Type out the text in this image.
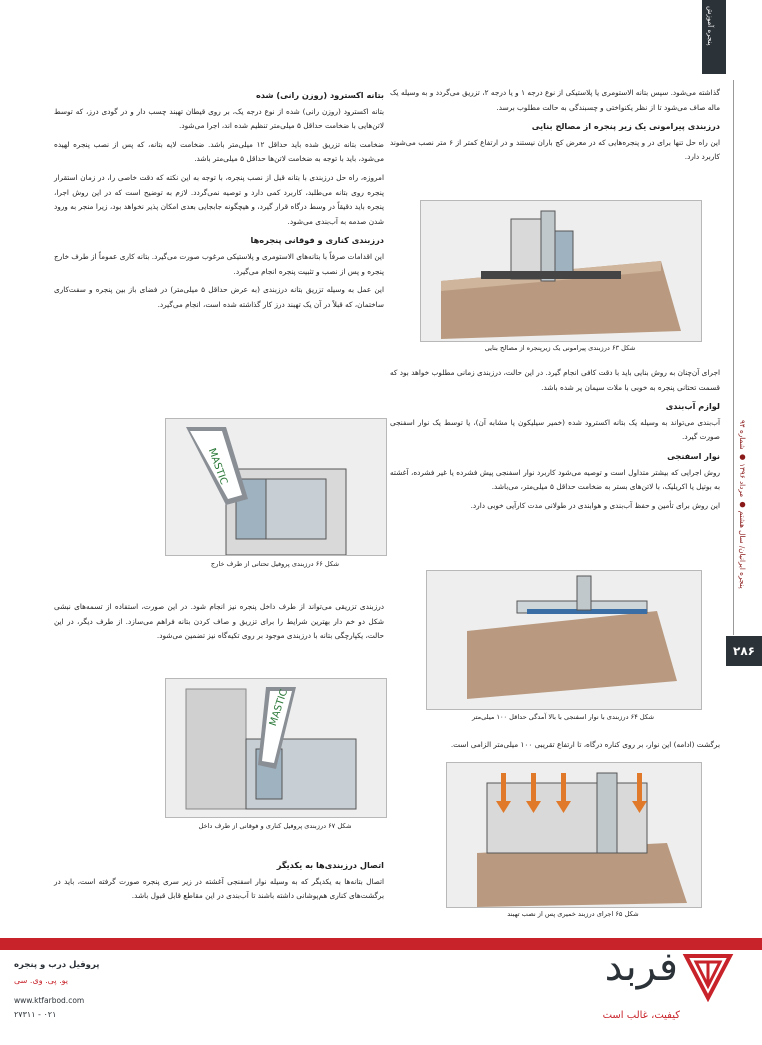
پنجره آموزش
پنجره ایرانیان/ سال هشتم ● مرداد ۱۳۹۶ ● شماره ۹۴
۲۸۶

گذاشته می‌شود. سپس بتانه الاستومری یا پلاستیکی از نوع درجه ۱ و یا درجه ۲، تزریق می‌گردد و به وسیله یک ماله صاف می‌شود تا از نظر یکنواختی و چسبندگی به حالت مطلوب برسد.

درزبندی پیرامونی یک زیر پنجره از مصالح بنایی

این راه حل تنها برای در و پنجره‌هایی که در معرض کج باران نیستند و در ارتفاع کمتر از ۶ متر نصب می‌شوند کاربرد دارد.

شکل ۶۳ درزبندی پیرامونی یک زیرپنجره از مصالح بنایی

اجرای آن‌چنان به روش بنایی باید با دقت کافی انجام گیرد. در این حالت، درزبندی زمانی مطلوب خواهد بود که قسمت تحتانی پنجره به خوبی با ملات سیمان پر شده باشد.

لوازم آب‌بندی

آب‌بندی می‌تواند به وسیله یک بتانه اکسترود شده (خمیر سیلیکون یا مشابه آن)، یا توسط یک نوار اسفنجی صورت گیرد.

نوار اسفنجی

روش اجرایی که بیشتر متداول است و توصیه می‌شود کاربرد نوار اسفنجی پیش فشرده یا غیر فشرده، آغشته به بوتیل یا اکریلیک، با لاتن‌های بستر به ضخامت حداقل ۵ میلی‌متر، می‌باشد.

این روش برای تأمین و حفظ آب‌بندی و هوابندی در طولانی مدت کارآیی خوبی دارد.

شکل ۶۴ درزبندی با نوار اسفنجی با بالا آمدگی حداقل ۱۰۰ میلی‌متر

برگشت (ادامه) این نوار، بر روی کناره درگاه، تا ارتفاع تقریبی ۱۰۰ میلی‌متر الزامی است.

شکل ۶۵ اجرای درزبند خمیری پس از نصب تهبند
بتانه اکسترود (روزن رانی) شده

بتانه اکسترود (روزن رانی) شده از نوع درجه یک، بر روی قیطان تهبند چسب دار و در گودی درز، که توسط لاتن‌هایی با ضخامت حداقل ۵ میلی‌متر تنظیم شده اند، اجرا می‌شود.

ضخامت بتانه تزریق شده باید حداقل ۱۲ میلی‌متر باشد. ضخامت لایه بتانه، که پس از نصب پنجره لهیده می‌شود، باید با توجه به ضخامت لاتن‌ها حداقل ۵ میلی‌متر باشد.

امروزه، راه حل درزبندی با بتانه قبل از نصب پنجره، با توجه به این نکته که دقت خاصی را، در زمان استقرار پنجره روی بتانه می‌طلبد، کاربرد کمی دارد و توصیه نمی‌گردد. لازم به توضیح است که در این روش اجرا، پنجره باید دقیقاً در وسط درگاه قرار گیرد، و هیچگونه جابجایی بعدی امکان پذیر نخواهد بود، زیرا منجر به ورود شدن صدمه به آب‌بندی می‌شود.

درزبندی کناری و فوقانی پنجره‌ها

این اقدامات صرفاً با بتانه‌های الاستومری و پلاستیکی مرغوب صورت می‌گیرد. بتانه کاری عموماً از طرف خارج پنجره و پس از نصب و تثبیت پنجره انجام می‌گیرد.

این عمل به وسیله تزریق بتانه درزبندی (به عرض حداقل ۵ میلی‌متر) در فضای باز بین پنجره و سفت‌کاری ساختمان، که قبلاً در آن یک تهبند درز کار گذاشته شده است، انجام می‌گیرد.

MASTIC
شکل ۶۶ درزبندی پروفیل تحتانی از طرف خارج

درزبندی تزریقی می‌تواند از طرف داخل پنجره نیز انجام شود. در این صورت، استفاده از تسمه‌های نبشی شکل دو خم دار بهترین شرایط را برای تزریق و صاف کردن بتانه فراهم می‌سازد. از طرف دیگر، در این حالت، یکپارچگی بتانه با درزبندی موجود بر روی تکیه‌گاه نیز تضمین می‌شود.

MASTIC
شکل ۶۷ درزبندی پروفیل کناری و فوقانی از طرف داخل
اتصال درزبندی‌ها به یکدیگر

اتصال بتانه‌ها به یکدیگر که به وسیله نوار اسفنجی آغشته در زیر سری پنجره صورت گرفته است، باید در برگشت‌های کناری هم‌پوشانی داشته باشند تا آب‌بندی در این مقاطع قابل قبول باشد.

فربد
کیفیت، غالب است
پروفیل درب و پنجره
یو. پی. وی. سی
www.ktfarbod.com
۰۲۱ - ۲۷۳۱۱
